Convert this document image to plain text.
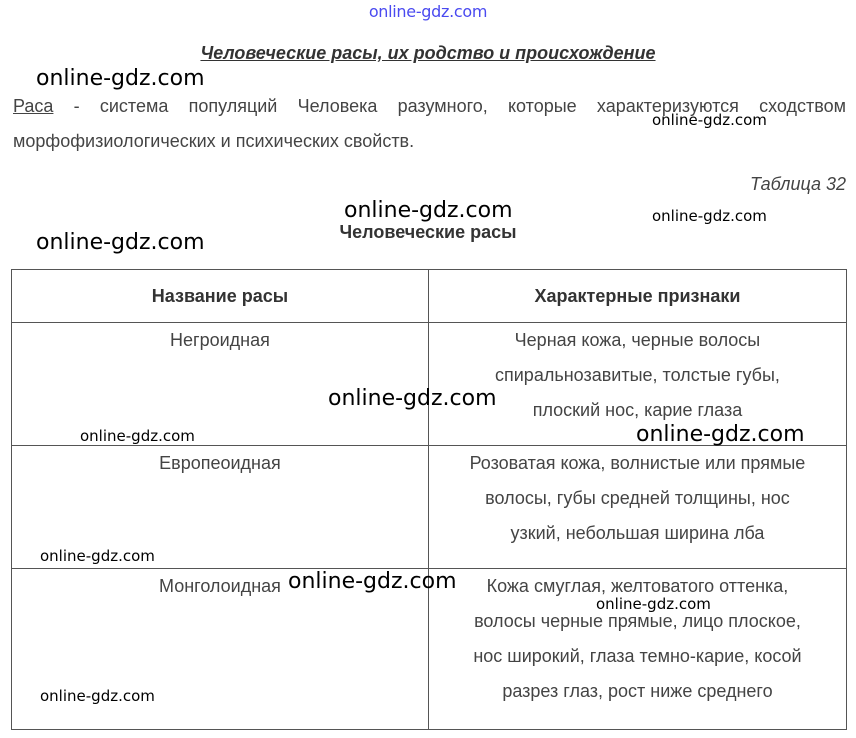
online-gdz.com
Человеческие расы, их родство и происхождение
Раса - система популяций Человека разумного, которые характеризуются сходством морфофизиологических и психических свойств.
Таблица 32
Человеческие расы
Название расы	Характерные признаки
Негроидная	Черная кожа, черные волосы
спиральнозавитые, толстые губы,
плоский нос, карие глаза

Европеоидная	Розоватая кожа, волнистые или прямые
волосы, губы средней толщины, нос
узкий, небольшая ширина лба

Монголоидная	Кожа смуглая, желтоватого оттенка,
волосы черные прямые, лицо плоское,
нос широкий, глаза темно-карие, косой
разрез глаз, рост ниже среднего
online-gdz.com
online-gdz.com
online-gdz.com	online-gdz.com
online-gdz.com
online-gdz.com
online-gdz.com	online-gdz.com
online-gdz.com
online-gdz.com
online-gdz.com
online-gdz.com
